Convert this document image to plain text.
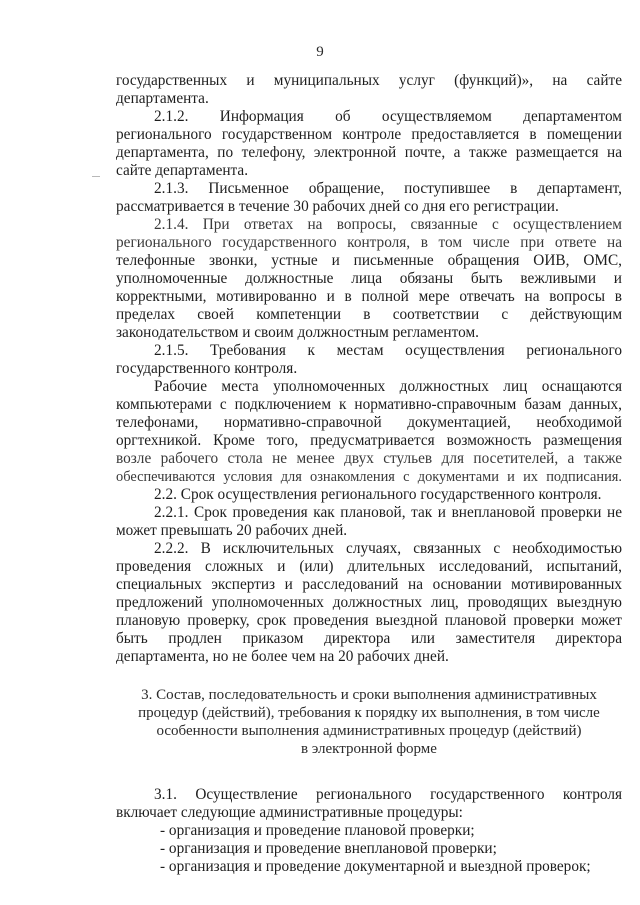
9
государственных и муниципальных услуг (функций)», на сайте
департамента.
2.1.2. Информация об осуществляемом департаментом
регионального государственном контроле предоставляется в помещении
департамента, по телефону, электронной почте, а также размещается на
сайте департамента.
2.1.3. Письменное обращение, поступившее в департамент,
рассматривается в течение 30 рабочих дней со дня его регистрации.
2.1.4. При ответах на вопросы, связанные с осуществлением
регионального государственного контроля, в том числе при ответе на
телефонные звонки, устные и письменные обращения ОИВ, ОМС,
уполномоченные должностные лица обязаны быть вежливыми и
корректными, мотивированно и в полной мере отвечать на вопросы в
пределах своей компетенции в соответствии с действующим
законодательством и своим должностным регламентом.
2.1.5. Требования к местам осуществления регионального
государственного контроля.
Рабочие места уполномоченных должностных лиц оснащаются
компьютерами с подключением к нормативно-справочным базам данных,
телефонами, нормативно-справочной документацией, необходимой
оргтехникой. Кроме того, предусматривается возможность размещения
возле рабочего стола не менее двух стульев для посетителей, а также
обеспечиваются условия для ознакомления с документами и их подписания.
2.2. Срок осуществления регионального государственного контроля.
2.2.1. Срок проведения как плановой, так и внеплановой проверки не
может превышать 20 рабочих дней.
2.2.2. В исключительных случаях, связанных с необходимостью
проведения сложных и (или) длительных исследований, испытаний,
специальных экспертиз и расследований на основании мотивированных
предложений уполномоченных должностных лиц, проводящих выездную
плановую проверку, срок проведения выездной плановой проверки может
быть продлен приказом директора или заместителя директора
департамента, но не более чем на 20 рабочих дней.
3. Состав, последовательность и сроки выполнения административных
процедур (действий), требования к порядку их выполнения, в том числе
особенности выполнения административных процедур (действий)
в электронной форме
3.1. Осуществление регионального государственного контроля
включает следующие административные процедуры:
- организация и проведение плановой проверки;
- организация и проведение внеплановой проверки;
- организация и проведение документарной и выездной проверок;
